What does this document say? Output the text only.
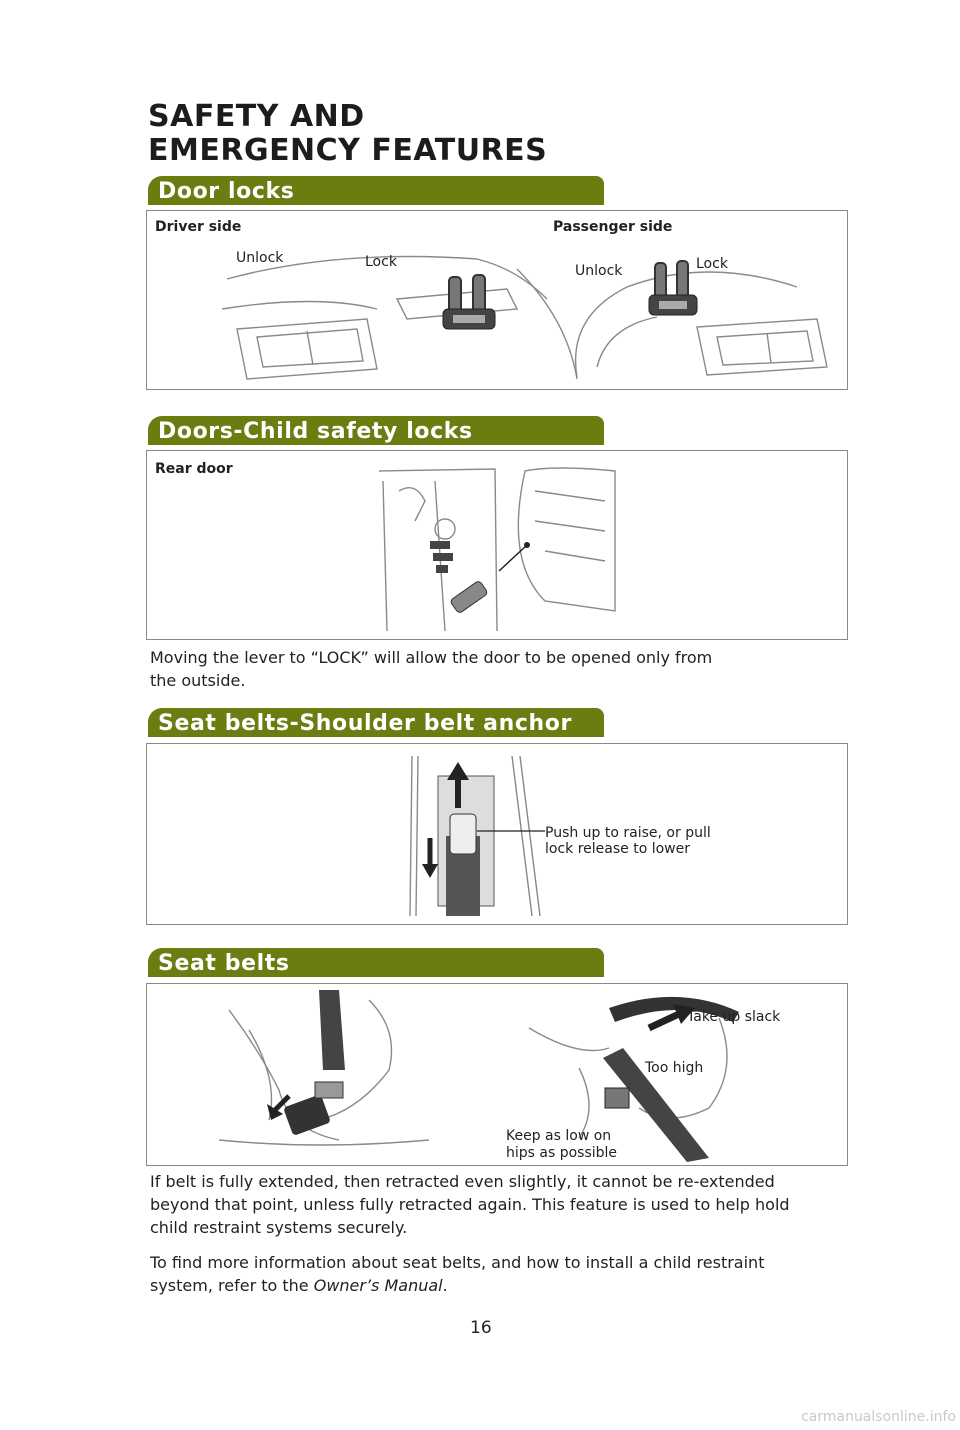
SAFETY AND
EMERGENCY FEATURES
Door locks
Driver side	Passenger side
Unlock	Lock
Unlock	Lock
Doors-Child safety locks
Rear door

Moving the lever to “LOCK” will allow the door to be opened only from
the outside.

Seat belts-Shoulder belt anchor
Push up to raise, or pull
lock release to lower
Seat belts
Take up slack
Too high
Keep as low on
hips as possible

If belt is fully extended, then retracted even slightly, it cannot be re-extended
beyond that point, unless fully retracted again. This feature is used to help hold
child restraint systems securely.

To find more information about seat belts, and how to install a child restraint
system, refer to the Owner’s Manual.

16
carmanualsonline.info
